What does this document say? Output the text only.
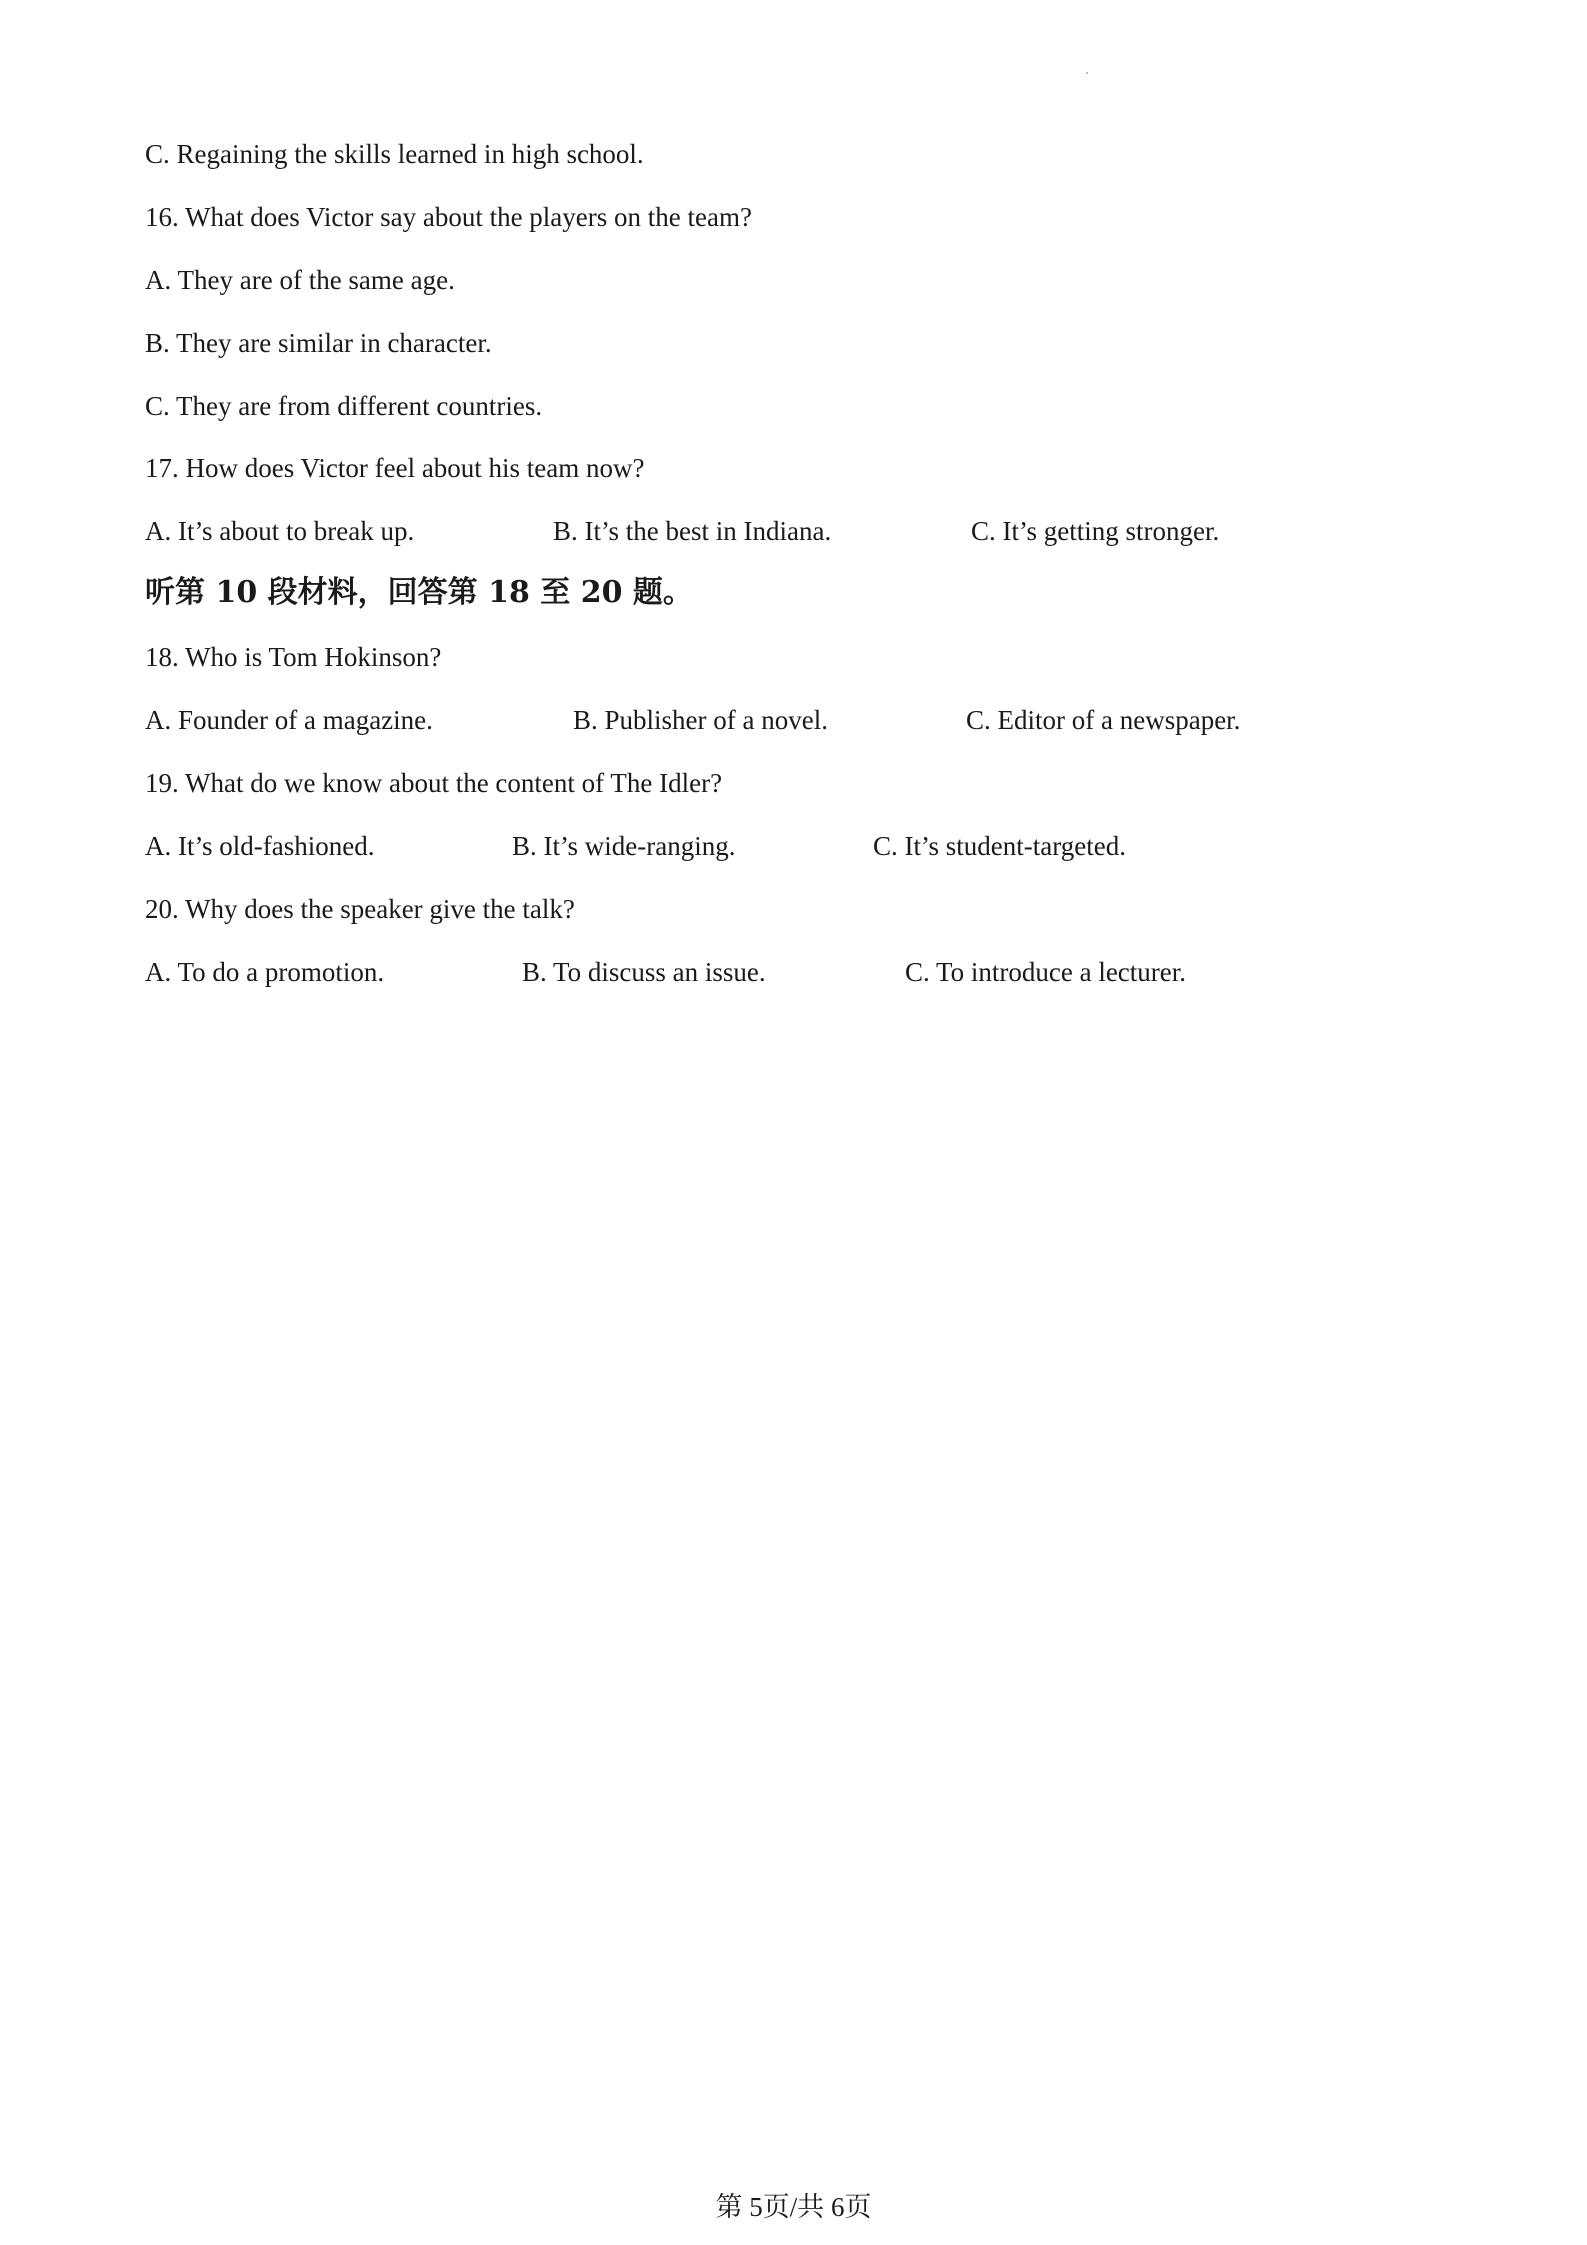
C. Regaining the skills learned in high school.
16. What does Victor say about the players on the team?
A. They are of the same age.
B. They are similar in character.
C. They are from different countries.
17. How does Victor feel about his team now?
A. It’s about to break up.	B. It’s the best in Indiana.	C. It’s getting stronger.
听第 10 段材料，回答第 18 至 20 题。
18. Who is Tom Hokinson?
A. Founder of a magazine.	B. Publisher of a novel.	C. Editor of a newspaper.
19. What do we know about the content of The Idler?
A. It’s old-fashioned.	B. It’s wide-ranging.	C. It’s student-targeted.
20. Why does the speaker give the talk?
A. To do a promotion.	B. To discuss an issue.	C. To introduce a lecturer.
第 5页/共 6页
